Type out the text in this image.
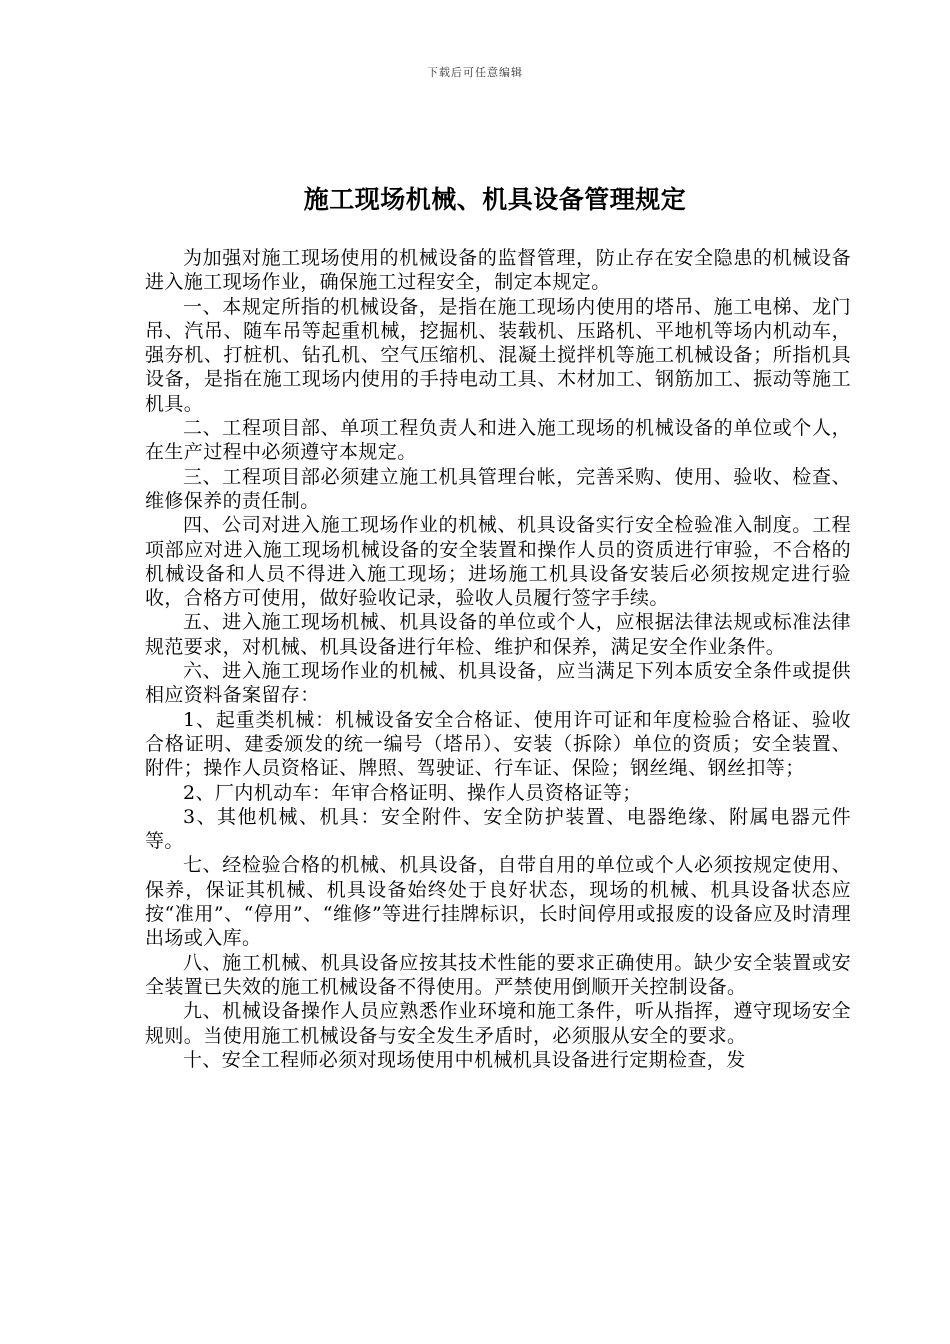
下载后可任意编辑
施工现场机械、机具设备管理规定

为加强对施工现场使用的机械设备的监督管理，防止存在安全隐患的机械设备进入施工现场作业，确保施工过程安全，制定本规定。

一、本规定所指的机械设备，是指在施工现场内使用的塔吊、施工电梯、龙门吊、汽吊、随车吊等起重机械，挖掘机、装载机、压路机、平地机等场内机动车，强夯机、打桩机、钻孔机、空气压缩机、混凝土搅拌机等施工机械设备；所指机具设备，是指在施工现场内使用的手持电动工具、木材加工、钢筋加工、振动等施工机具。

二、工程项目部、单项工程负责人和进入施工现场的机械设备的单位或个人，在生产过程中必须遵守本规定。

三、工程项目部必须建立施工机具管理台帐，完善采购、使用、验收、检查、维修保养的责任制。

四、公司对进入施工现场作业的机械、机具设备实行安全检验准入制度。工程项部应对进入施工现场机械设备的安全装置和操作人员的资质进行审验，不合格的机械设备和人员不得进入施工现场；进场施工机具设备安装后必须按规定进行验收，合格方可使用，做好验收记录，验收人员履行签字手续。

五、进入施工现场机械、机具设备的单位或个人，应根据法律法规或标准法律规范要求，对机械、机具设备进行年检、维护和保养，满足安全作业条件。

六、进入施工现场作业的机械、机具设备，应当满足下列本质安全条件或提供相应资料备案留存：

1、起重类机械：机械设备安全合格证、使用许可证和年度检验合格证、验收合格证明、建委颁发的统一编号（塔吊）、安装（拆除）单位的资质；安全装置、附件；操作人员资格证、牌照、驾驶证、行车证、保险；钢丝绳、钢丝扣等；

2、厂内机动车：年审合格证明、操作人员资格证等；

3、其他机械、机具：安全附件、安全防护装置、电器绝缘、附属电器元件等。

七、经检验合格的机械、机具设备，自带自用的单位或个人必须按规定使用、保养，保证其机械、机具设备始终处于良好状态，现场的机械、机具设备状态应按“准用”、“停用”、“维修”等进行挂牌标识，长时间停用或报废的设备应及时清理出场或入库。

八、施工机械、机具设备应按其技术性能的要求正确使用。缺少安全装置或安全装置已失效的施工机械设备不得使用。严禁使用倒顺开关控制设备。

九、机械设备操作人员应熟悉作业环境和施工条件，听从指挥，遵守现场安全规则。当使用施工机械设备与安全发生矛盾时，必须服从安全的要求。

十、安全工程师必须对现场使用中机械机具设备进行定期检查，发
